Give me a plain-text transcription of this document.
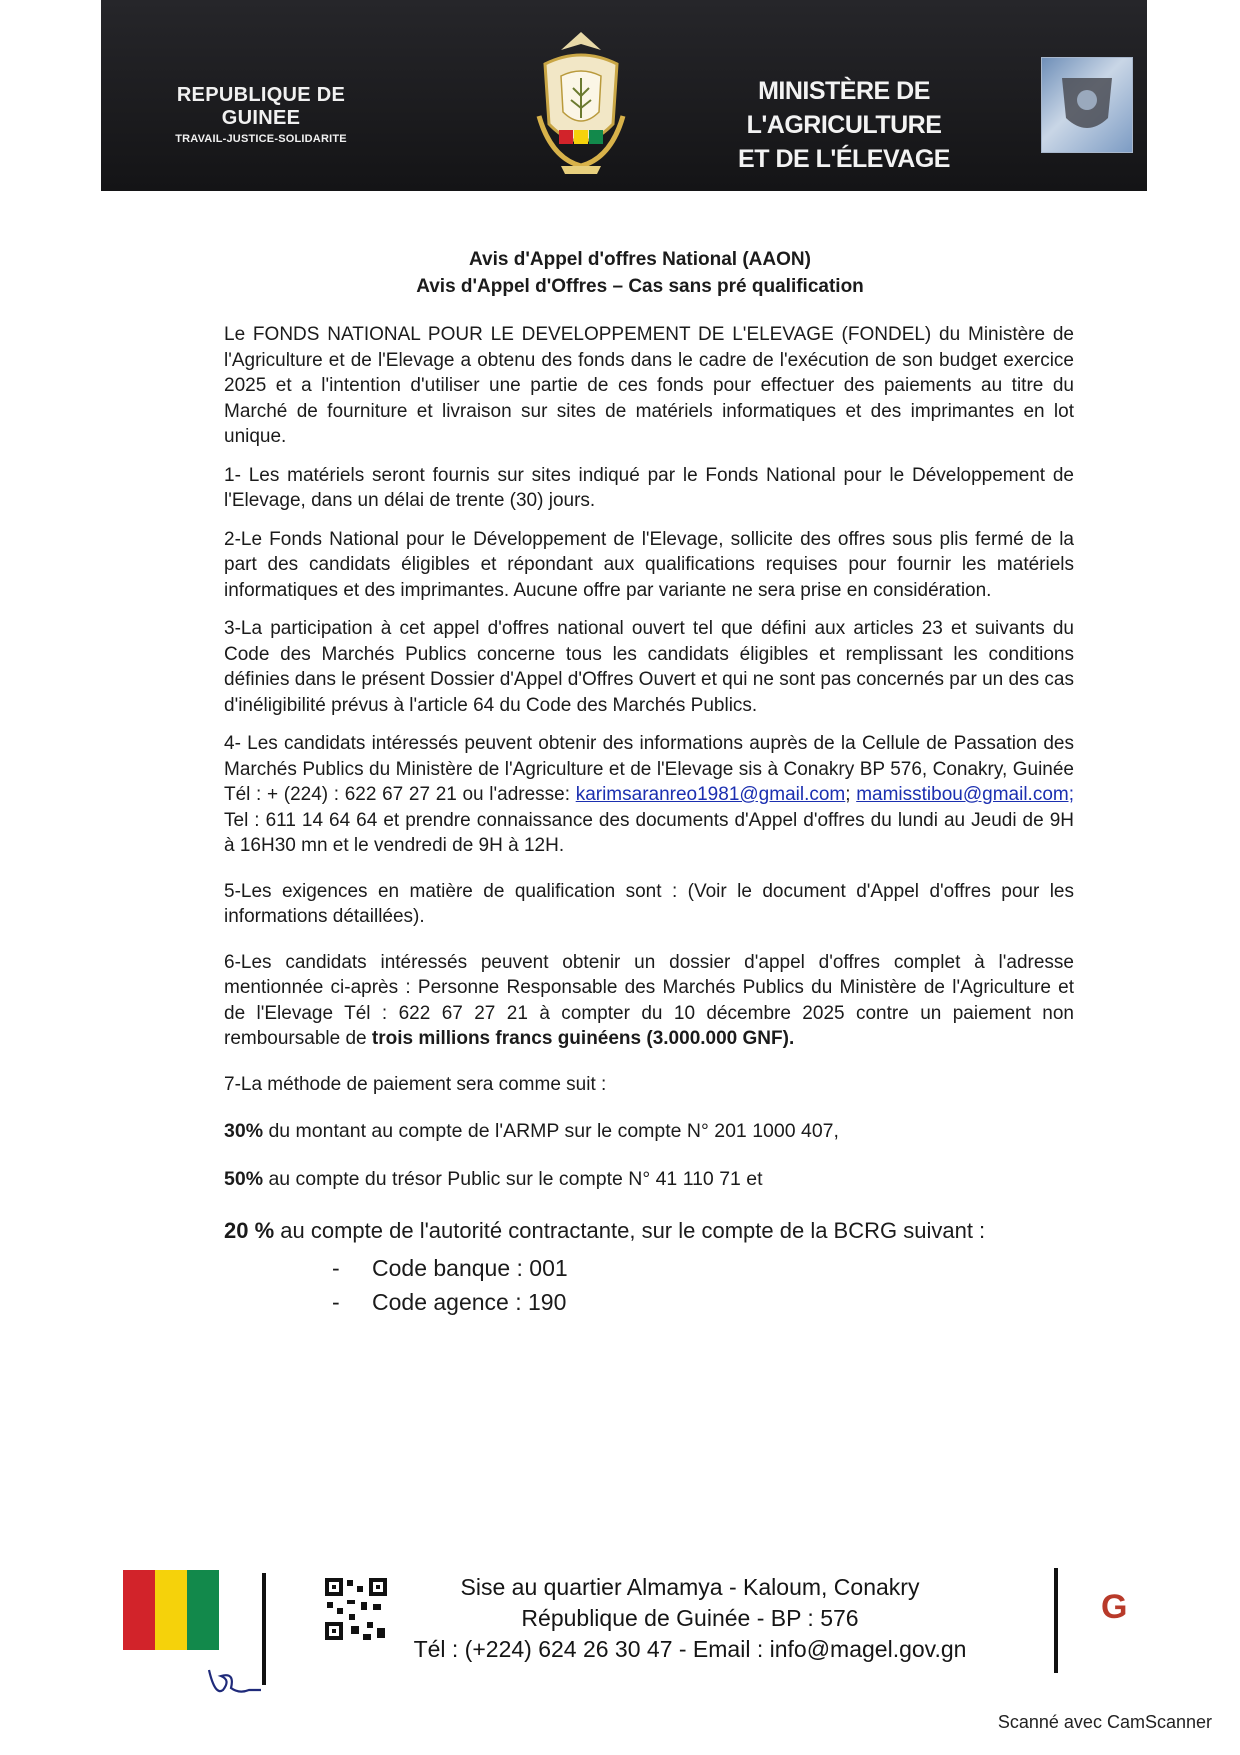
REPUBLIQUE DE GUINEE
TRAVAIL-JUSTICE-SOLIDARITE
MINISTÈRE DE L'AGRICULTURE
ET DE L'ÉLEVAGE
Avis d'Appel d'offres National (AAON)
Avis d'Appel d'Offres – Cas sans pré qualification

Le FONDS NATIONAL POUR LE DEVELOPPEMENT DE L'ELEVAGE (FONDEL) du Ministère de l'Agriculture et de l'Elevage a obtenu des fonds dans le cadre de l'exécution de son budget exercice 2025 et a l'intention d'utiliser une partie de ces fonds pour effectuer des paiements au titre du Marché de fourniture et livraison sur sites de matériels informatiques et des imprimantes en lot unique.

1- Les matériels seront fournis sur sites indiqué par le Fonds National pour le Développement de l'Elevage, dans un délai de trente (30) jours.

2-Le Fonds National pour le Développement de l'Elevage, sollicite des offres sous plis fermé de la part des candidats éligibles et répondant aux qualifications requises pour fournir les matériels informatiques et des imprimantes. Aucune offre par variante ne sera prise en considération.

3-La participation à cet appel d'offres national ouvert tel que défini aux articles 23 et suivants du Code des Marchés Publics concerne tous les candidats éligibles et remplissant les conditions définies dans le présent Dossier d'Appel d'Offres Ouvert et qui ne sont pas concernés par un des cas d'inéligibilité prévus à l'article 64 du Code des Marchés Publics.

4- Les candidats intéressés peuvent obtenir des informations auprès de la Cellule de Passation des Marchés Publics du Ministère de l'Agriculture et de l'Elevage sis à Conakry BP 576, Conakry, Guinée Tél : + (224) : 622 67 27 21 ou l'adresse: karimsaranreo1981@gmail.com; mamisstibou@gmail.com; Tel : 611 14 64 64 et prendre connaissance des documents d'Appel d'offres du lundi au Jeudi de 9H à 16H30 mn et le vendredi de 9H à 12H.

5-Les exigences en matière de qualification sont : (Voir le document d'Appel d'offres pour les informations détaillées).

6-Les candidats intéressés peuvent obtenir un dossier d'appel d'offres complet à l'adresse mentionnée ci-après : Personne Responsable des Marchés Publics du Ministère de l'Agriculture et de l'Elevage Tél : 622 67 27 21 à compter du 10 décembre 2025 contre un paiement non remboursable de trois millions francs guinéens (3.000.000 GNF).

7-La méthode de paiement sera comme suit :

30% du montant au compte de l'ARMP sur le compte N° 201 1000 407,

50% au compte du trésor Public sur le compte N° 41 110 71 et

20 % au compte de l'autorité contractante, sur le compte de la BCRG suivant :

- Code banque : 001
- Code agence : 190
Sise au quartier Almamya - Kaloum, Conakry
République de Guinée - BP : 576
Tél : (+224) 624 26 30 47 - Email : info@magel.gov.gn
G
Scanné avec CamScanner
